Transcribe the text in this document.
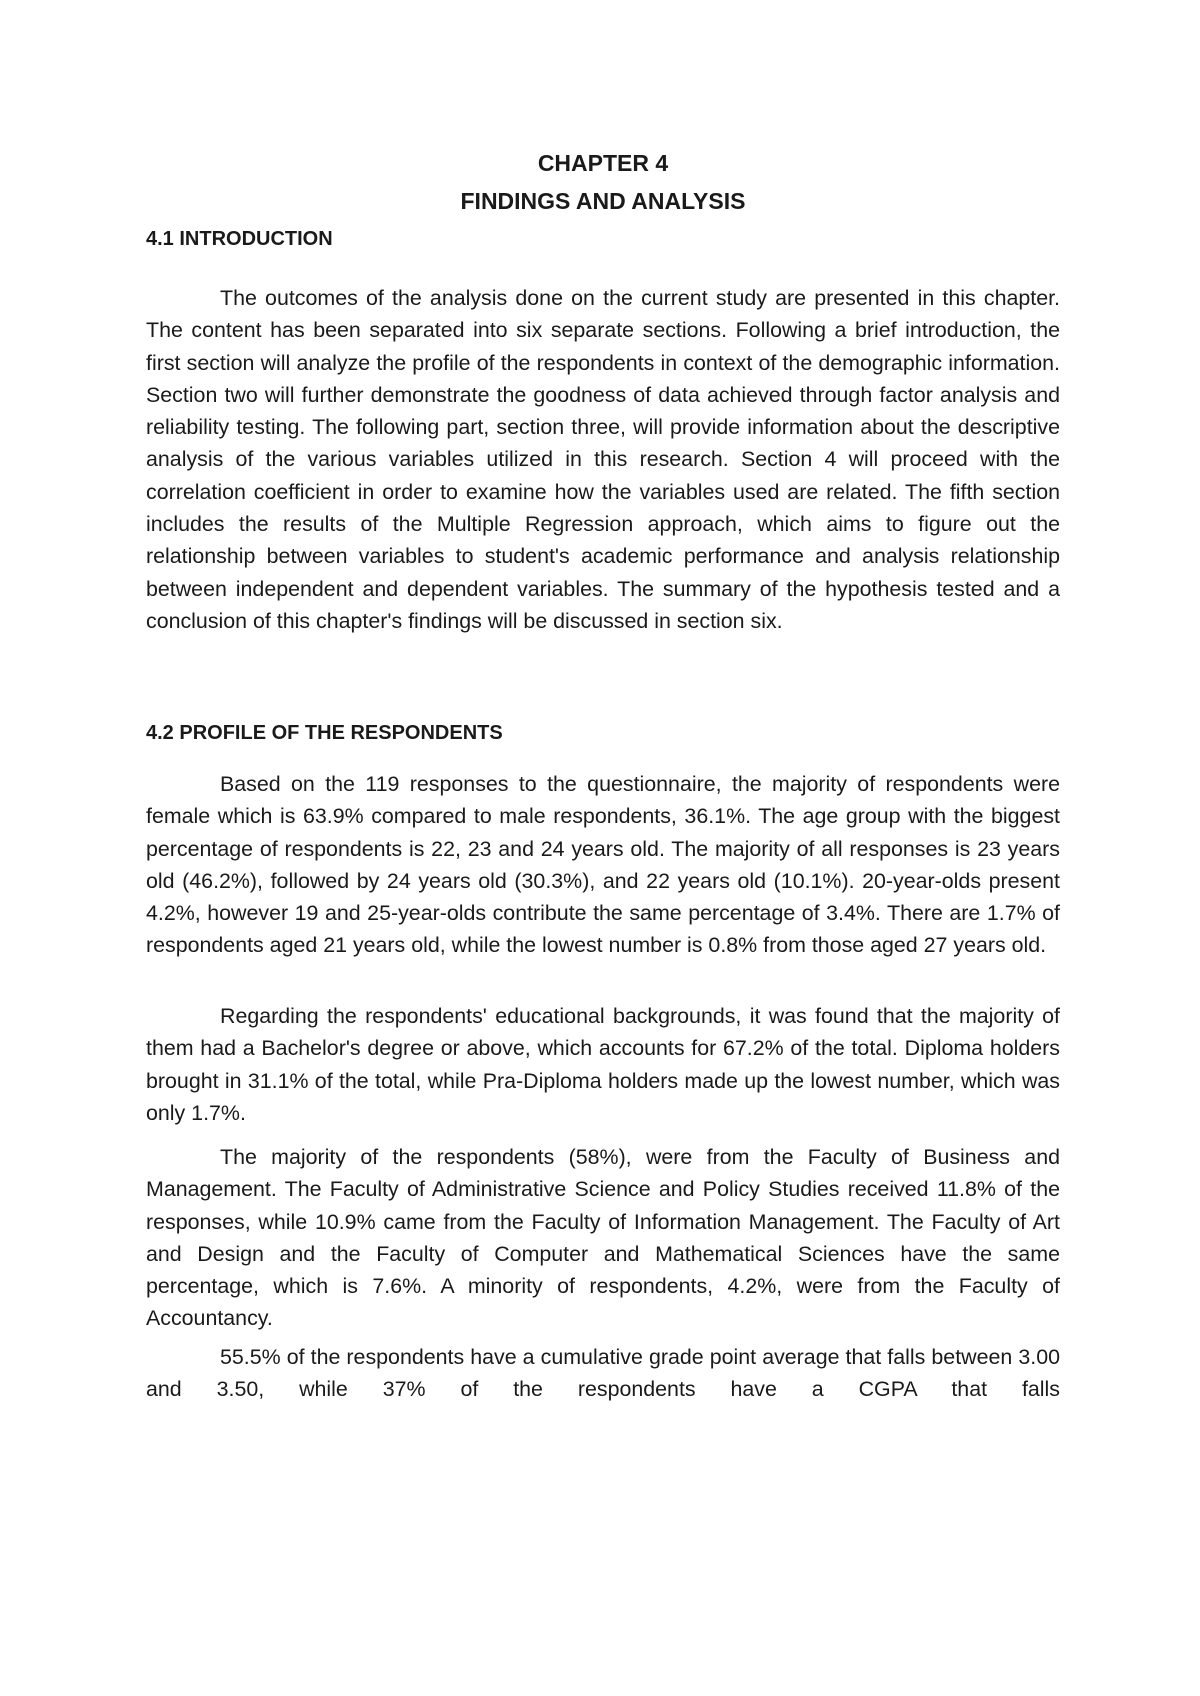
CHAPTER 4
FINDINGS AND ANALYSIS
4.1 INTRODUCTION

The outcomes of the analysis done on the current study are presented in this chapter. The content has been separated into six separate sections. Following a brief introduction, the first section will analyze the profile of the respondents in context of the demographic information. Section two will further demonstrate the goodness of data achieved through factor analysis and reliability testing. The following part, section three, will provide information about the descriptive analysis of the various variables utilized in this research. Section 4 will proceed with the correlation coefficient in order to examine how the variables used are related. The fifth section includes the results of the Multiple Regression approach, which aims to figure out the relationship between variables to student's academic performance and analysis relationship between independent and dependent variables. The summary of the hypothesis tested and a conclusion of this chapter's findings will be discussed in section six.

4.2 PROFILE OF THE RESPONDENTS

Based on the 119 responses to the questionnaire, the majority of respondents were female which is 63.9% compared to male respondents, 36.1%. The age group with the biggest percentage of respondents is 22, 23 and 24 years old. The majority of all responses is 23 years old (46.2%), followed by 24 years old (30.3%), and 22 years old (10.1%). 20-year-olds present 4.2%, however 19 and 25-year-olds contribute the same percentage of 3.4%. There are 1.7% of respondents aged 21 years old, while the lowest number is 0.8% from those aged 27 years old.

Regarding the respondents' educational backgrounds, it was found that the majority of them had a Bachelor's degree or above, which accounts for 67.2% of the total. Diploma holders brought in 31.1% of the total, while Pra-Diploma holders made up the lowest number, which was only 1.7%.

The majority of the respondents (58%), were from the Faculty of Business and Management. The Faculty of Administrative Science and Policy Studies received 11.8% of the responses, while 10.9% came from the Faculty of Information Management. The Faculty of Art and Design and the Faculty of Computer and Mathematical Sciences have the same percentage, which is 7.6%. A minority of respondents, 4.2%, were from the Faculty of Accountancy.

55.5% of the respondents have a cumulative grade point average that falls between 3.00 and 3.50, while 37% of the respondents have a CGPA that falls
